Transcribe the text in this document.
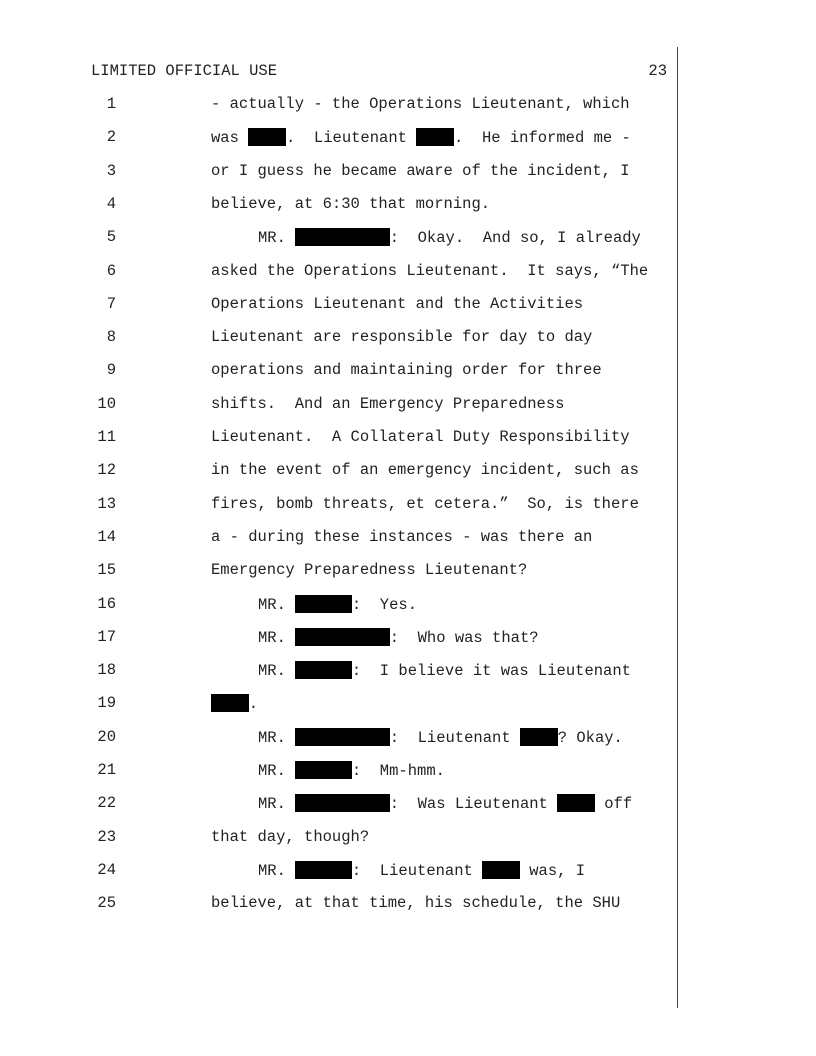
LIMITED OFFICIAL USE	23
1	- actually - the Operations Lieutenant, which
2	was .  Lieutenant .  He informed me -
3	or I guess he became aware of the incident, I
4	believe, at 6:30 that morning.
5	MR.	:  Okay.  And so, I already
6	asked the Operations Lieutenant.  It says, “The
7	Operations Lieutenant and the Activities
8	Lieutenant are responsible for day to day
9	operations and maintaining order for three
10	shifts.  And an Emergency Preparedness
11	Lieutenant.  A Collateral Duty Responsibility
12	in the event of an emergency incident, such as
13	fires, bomb threats, et cetera.”  So, is there
14	a - during these instances - was there an
15	Emergency Preparedness Lieutenant?
16	MR.	:  Yes.
17	MR.	:  Who was that?
18	MR.	:  I believe it was Lieutenant
19	.
20	MR.	:  Lieutenant ? Okay.
21	MR.	:  Mm-hmm.
22	MR.	:  Was Lieutenant  off
23	that day, though?
24	MR.	:  Lieutenant  was, I
25	believe, at that time, his schedule, the SHU
